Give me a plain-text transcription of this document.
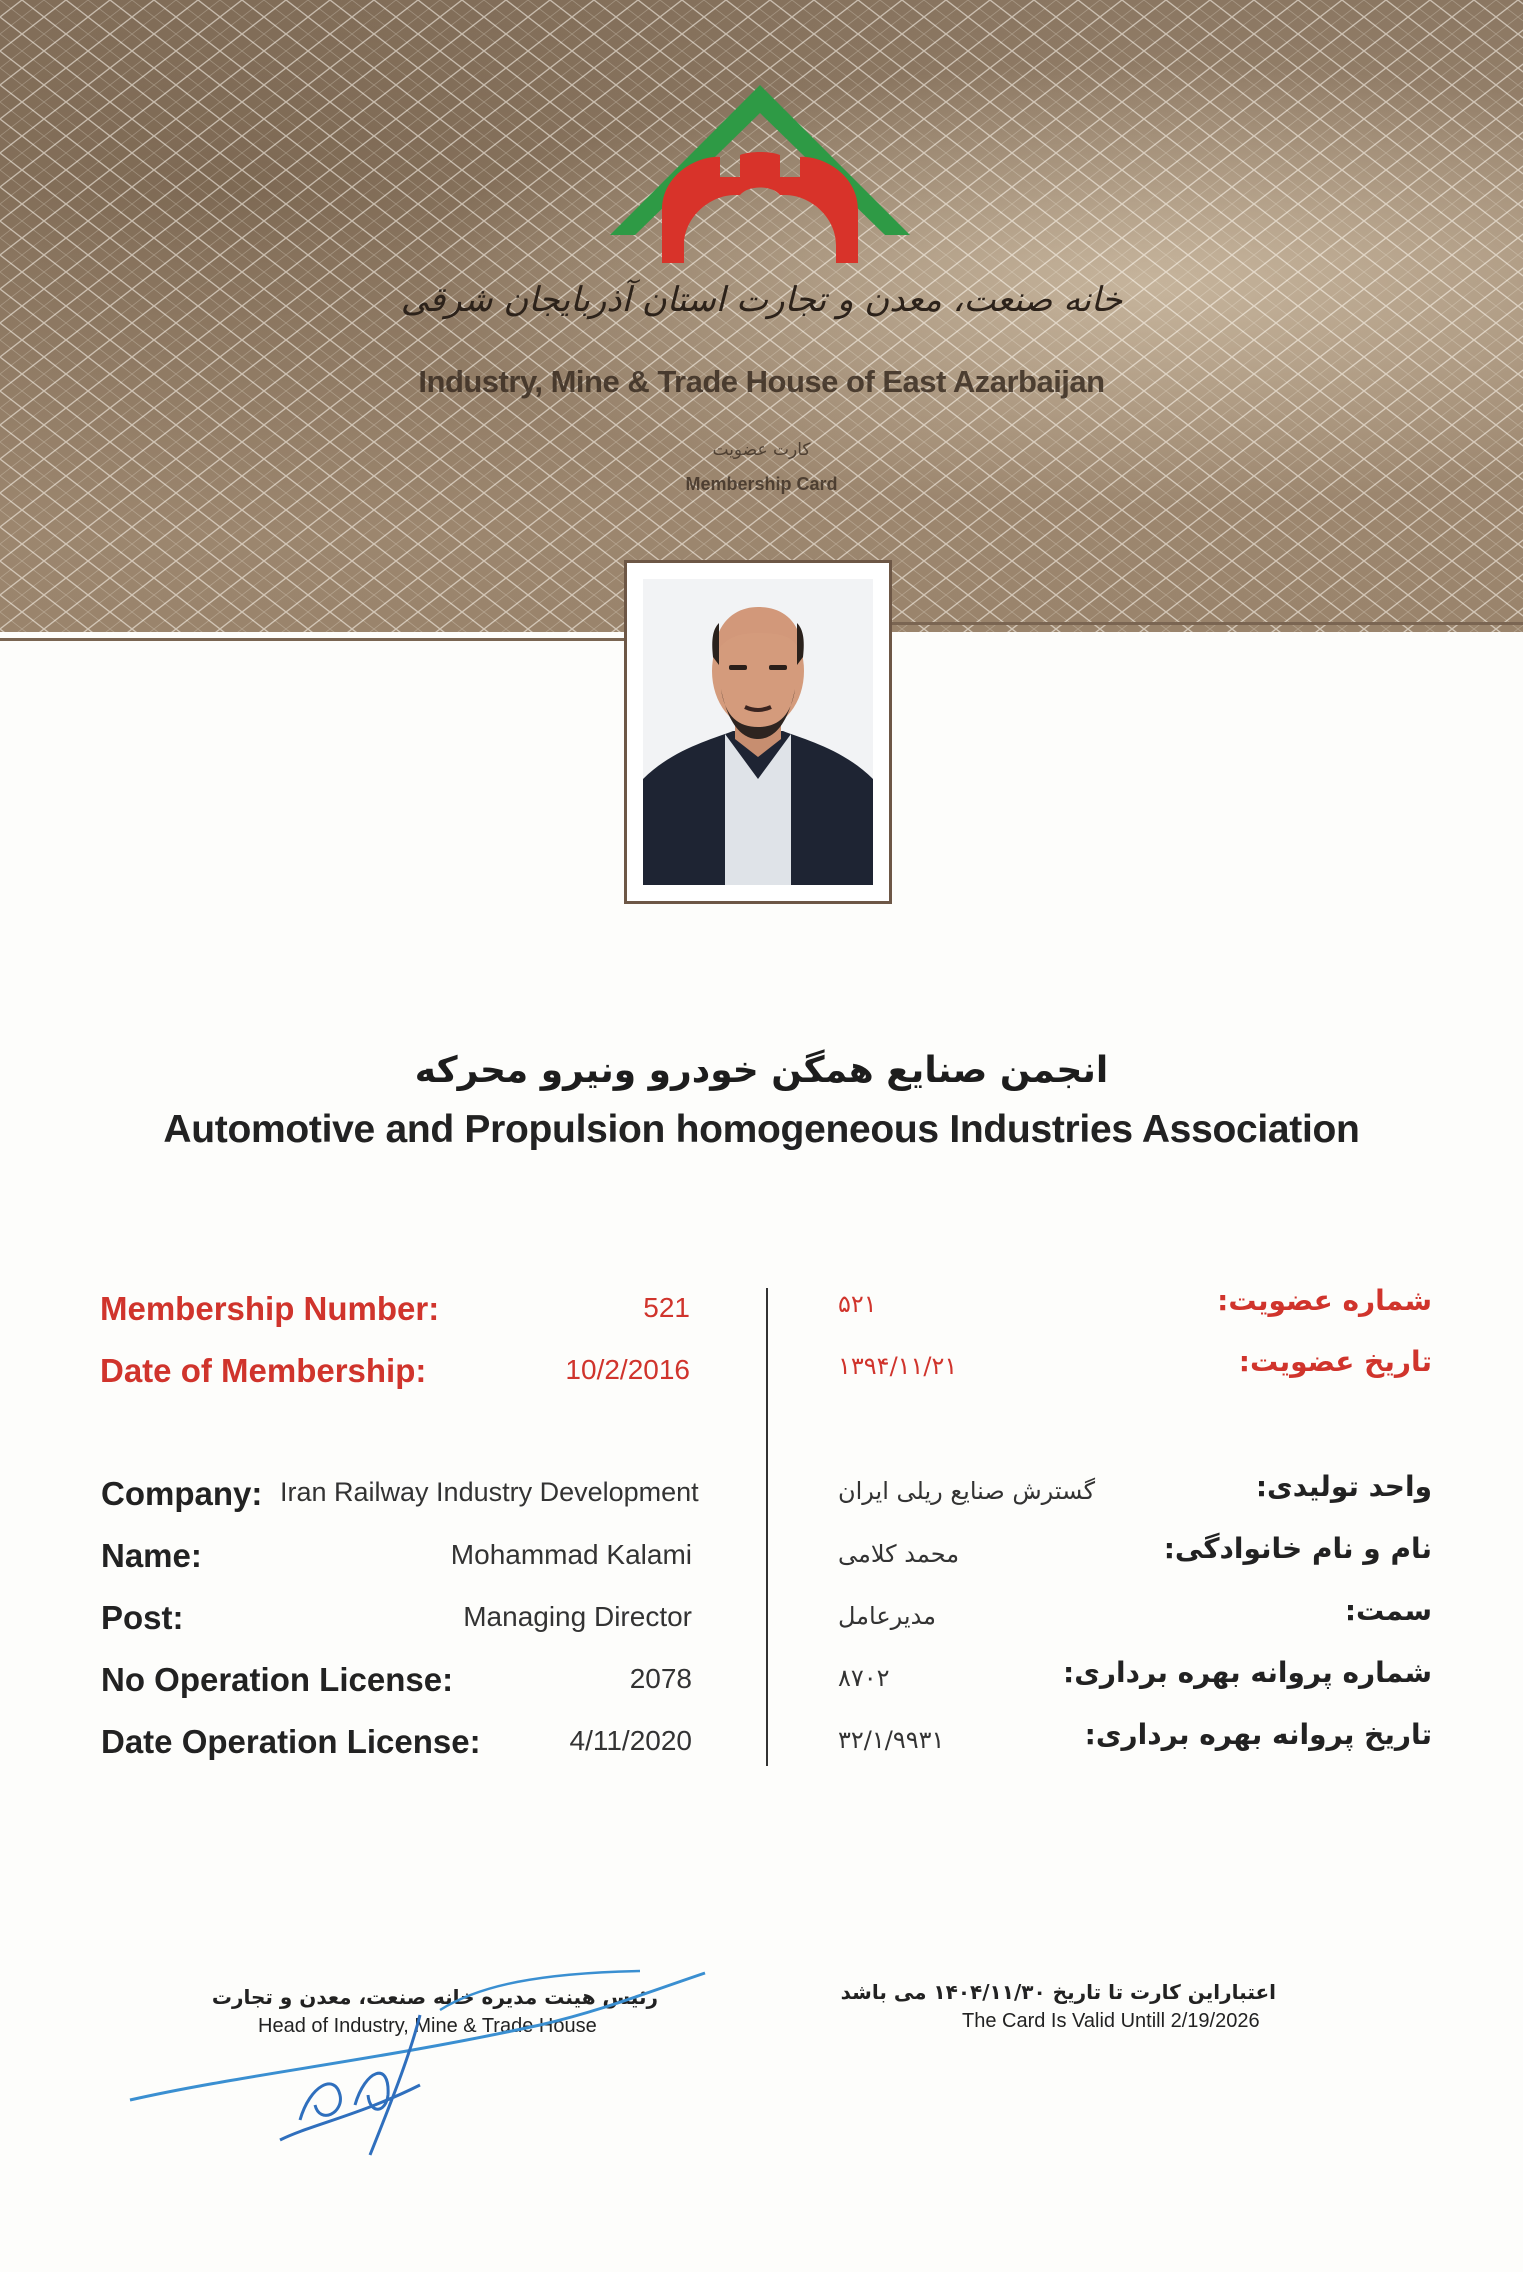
خانه صنعت، معدن و تجارت استان آذربایجان شرقی
Industry, Mine & Trade House of East Azarbaijan
کارت عضویت
Membership Card
انجمن صنایع همگن خودرو ونیرو محرکه
Automotive and Propulsion homogeneous Industries Association
Membership Number:	521
Date of Membership:	10/2/2016
Company: Iran Railway Industry Development
Name:	Mohammad Kalami
Post:	Managing Director
No Operation License:	2078
Date Operation License:	4/11/2020
شماره عضویت:
۵۲۱
تاریخ عضویت:
۱۳۹۴/۱۱/۲۱
واحد تولیدی:
گسترش صنایع ریلی ایران
نام و نام خانوادگی:
محمد کلامی
سمت:
مدیرعامل
شماره پروانه بهره برداری:
۸۷۰۲
تاریخ پروانه بهره برداری:
۳۲/۱/۹۹۳۱
رئیس هینت مدیره خانه صنعت، معدن و تجارت
Head of Industry, Mine & Trade House
اعتباراین کارت تا تاریخ ۱۴۰۴/۱۱/۳۰ می باشد
The Card Is Valid Untill 2/19/2026
